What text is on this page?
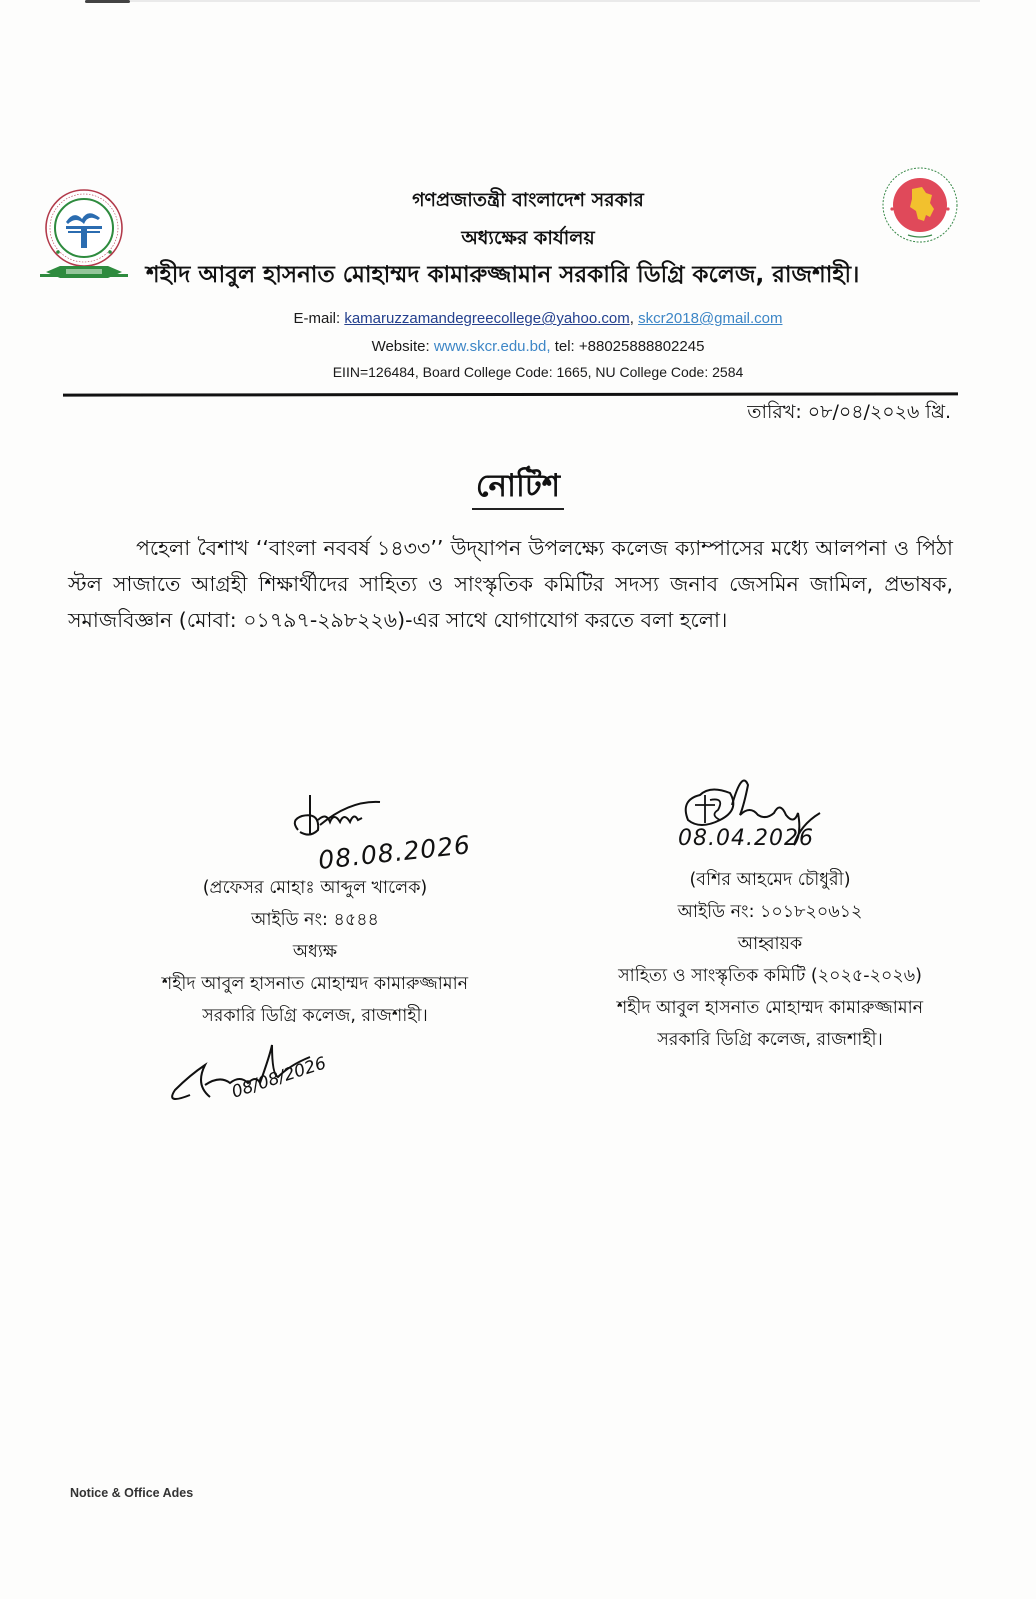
গণপ্রজাতন্ত্রী বাংলাদেশ সরকার
অধ্যক্ষের কার্যালয়
শহীদ আবুল হাসনাত মোহাম্মদ কামারুজ্জামান সরকারি ডিগ্রি কলেজ, রাজশাহী।
E-mail: kamaruzzamandegreecollege@yahoo.com, skcr2018@gmail.com
Website: www.skcr.edu.bd, tel: +88025888802245
EIIN=126484, Board College Code: 1665, NU College Code: 2584
তারিখ: ০৮/০৪/২০২৬ খ্রি.
নোটিশ
পহেলা বৈশাখ ‘‘বাংলা নববর্ষ ১৪৩৩’’ উদ্‌যাপন উপলক্ষ্যে কলেজ ক্যাম্পাসের মধ্যে আলপনা ও পিঠা স্টল সাজাতে আগ্রহী শিক্ষার্থীদের সাহিত্য ও সাংস্কৃতিক কমিটির সদস্য জনাব জেসমিন জামিল, প্রভাষক, সমাজবিজ্ঞান (মোবা: ০১৭৯৭-২৯৮২২৬)-এর সাথে যোগাযোগ করতে বলা হলো।
08.08.2026
(প্রফেসর মোহাঃ আব্দুল খালেক)
আইডি নং: ৪৫৪৪
অধ্যক্ষ
শহীদ আবুল হাসনাত মোহাম্মদ কামারুজ্জামান
সরকারি ডিগ্রি কলেজ, রাজশাহী।
08.04.2026
(বশির আহমেদ চৌধুরী)
আইডি নং: ১০১৮২০৬১২
আহ্বায়ক
সাহিত্য ও সাংস্কৃতিক কমিটি (২০২৫-২০২৬)
শহীদ আবুল হাসনাত মোহাম্মদ কামারুজ্জামান
সরকারি ডিগ্রি কলেজ, রাজশাহী।
08/08/2026
Notice & Office Ades
